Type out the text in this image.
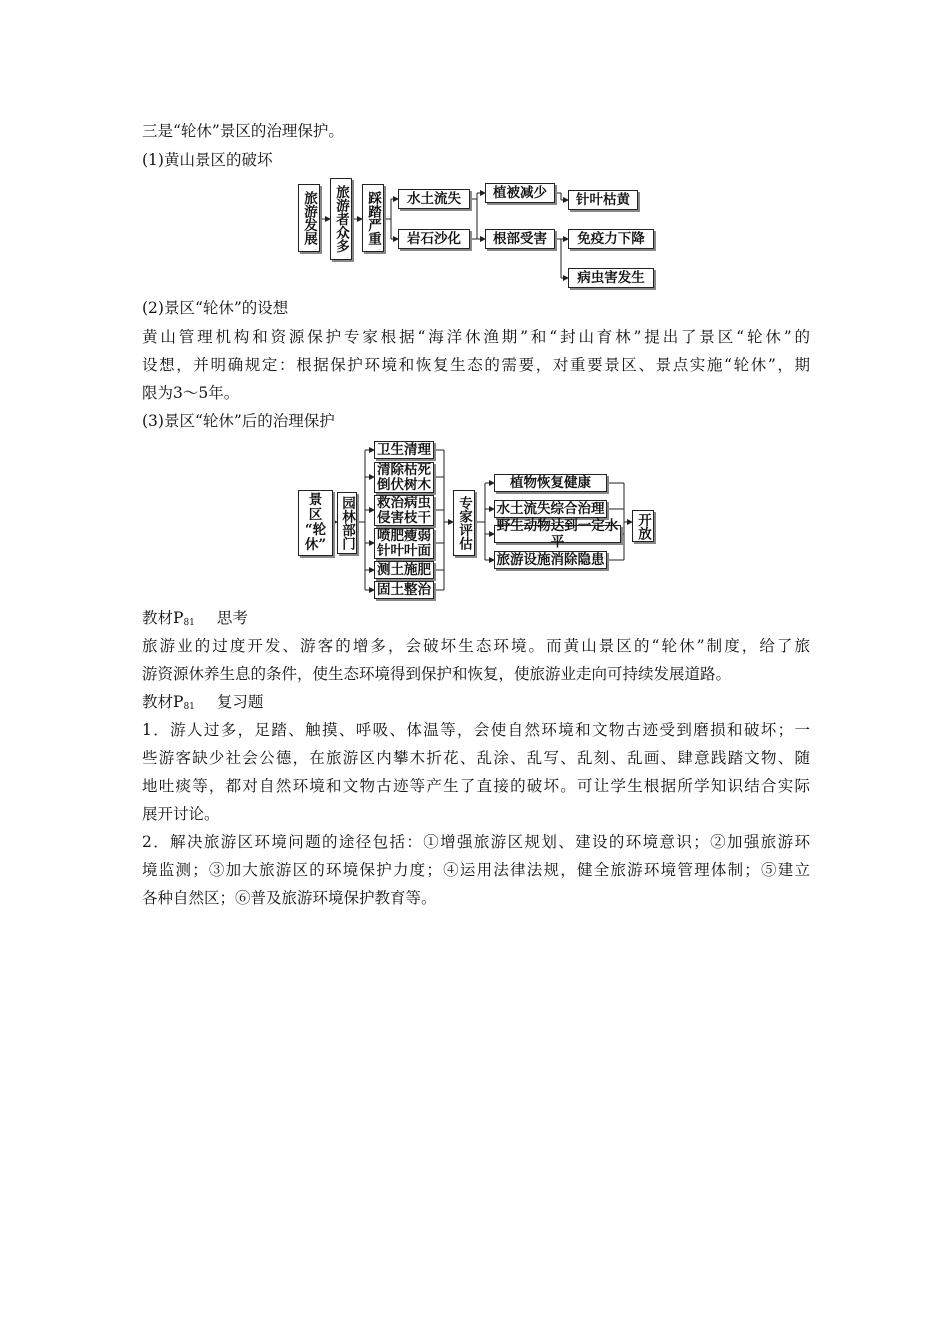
三是“轮休”景区的治理保护。
(1)黄山景区的破坏
旅游发展 旅游者众多 踩踏严重	水土流失
岩石沙化
植被减少
根部受害
针叶枯黄
免疫力下降
病虫害发生
(2)景区“轮休”的设想
黄山管理机构和资源保护专家根据“海洋休渔期”和“封山育林”提出了景区“轮休”的
设想，并明确规定：根据保护环境和恢复生态的需要，对重要景区、景点实施“轮休”，期
限为3～5年。
(3)景区“轮休”后的治理保护
景
区
“轮
休” 园林部门
卫生清理
清除枯死
倒伏树木
救治病虫
侵害枝干
喷肥瘦弱
针叶叶面
测土施肥
固土整治
专家评估
植物恢复健康
水土流失综合治理
野生动物达到一定水平
旅游设施消除隐患
开放
教材$P_{81}$ 思考
旅游业的过度开发、游客的增多，会破坏生态环境。而黄山景区的“轮休”制度，给了旅
游资源休养生息的条件，使生态环境得到保护和恢复，使旅游业走向可持续发展道路。
教材$P_{81}$ 复习题
1．游人过多，足踏、触摸、呼吸、体温等，会使自然环境和文物古迹受到磨损和破坏；一
些游客缺少社会公德，在旅游区内攀木折花、乱涂、乱写、乱刻、乱画、肆意践踏文物、随
地吐痰等，都对自然环境和文物古迹等产生了直接的破坏。可让学生根据所学知识结合实际
展开讨论。
2．解决旅游区环境问题的途径包括：①增强旅游区规划、建设的环境意识；②加强旅游环
境监测；③加大旅游区的环境保护力度；④运用法律法规，健全旅游环境管理体制；⑤建立
各种自然区；⑥普及旅游环境保护教育等。
